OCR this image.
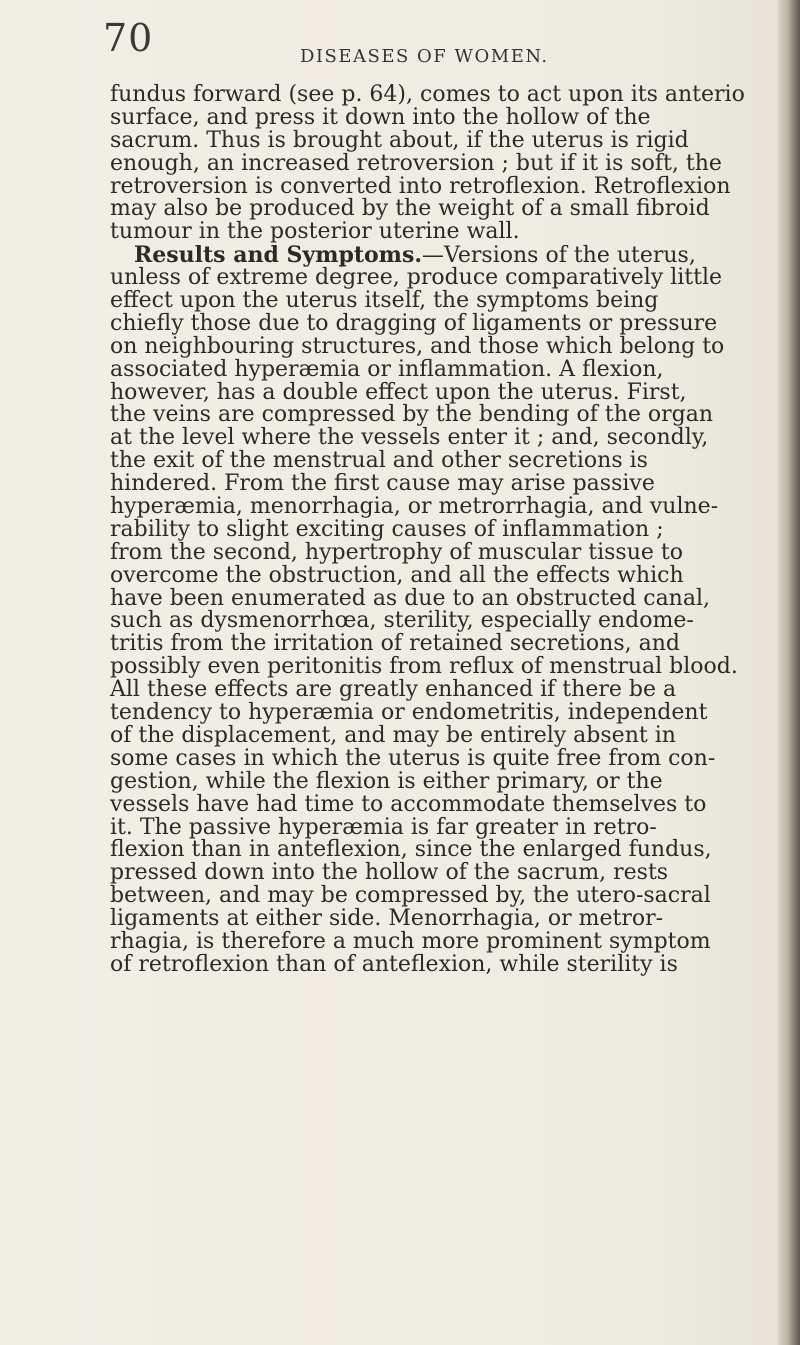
70	DISEASES OF WOMEN.
fundus forward (see p. 64), comes to act upon its anterio
surface, and press it down into the hollow of the
sacrum. Thus is brought about, if the uterus is rigid
enough, an increased retroversion ; but if it is soft, the
retroversion is converted into retroflexion. Retroflexion
may also be produced by the weight of a small fibroid
tumour in the posterior uterine wall.
Results and Symptoms.—Versions of the uterus,
unless of extreme degree, produce comparatively little
effect upon the uterus itself, the symptoms being
chiefly those due to dragging of ligaments or pressure
on neighbouring structures, and those which belong to
associated hyperæmia or inflammation. A flexion,
however, has a double effect upon the uterus. First,
the veins are compressed by the bending of the organ
at the level where the vessels enter it ; and, secondly,
the exit of the menstrual and other secretions is
hindered. From the first cause may arise passive
hyperæmia, menorrhagia, or metrorrhagia, and vulne-
rability to slight exciting causes of inflammation ;
from the second, hypertrophy of muscular tissue to
overcome the obstruction, and all the effects which
have been enumerated as due to an obstructed canal,
such as dysmenorrhœa, sterility, especially endome-
tritis from the irritation of retained secretions, and
possibly even peritonitis from reflux of menstrual blood.
All these effects are greatly enhanced if there be a
tendency to hyperæmia or endometritis, independent
of the displacement, and may be entirely absent in
some cases in which the uterus is quite free from con-
gestion, while the flexion is either primary, or the
vessels have had time to accommodate themselves to
it. The passive hyperæmia is far greater in retro-
flexion than in anteflexion, since the enlarged fundus,
pressed down into the hollow of the sacrum, rests
between, and may be compressed by, the utero-sacral
ligaments at either side. Menorrhagia, or metror-
rhagia, is therefore a much more prominent symptom
of retroflexion than of anteflexion, while sterility is
